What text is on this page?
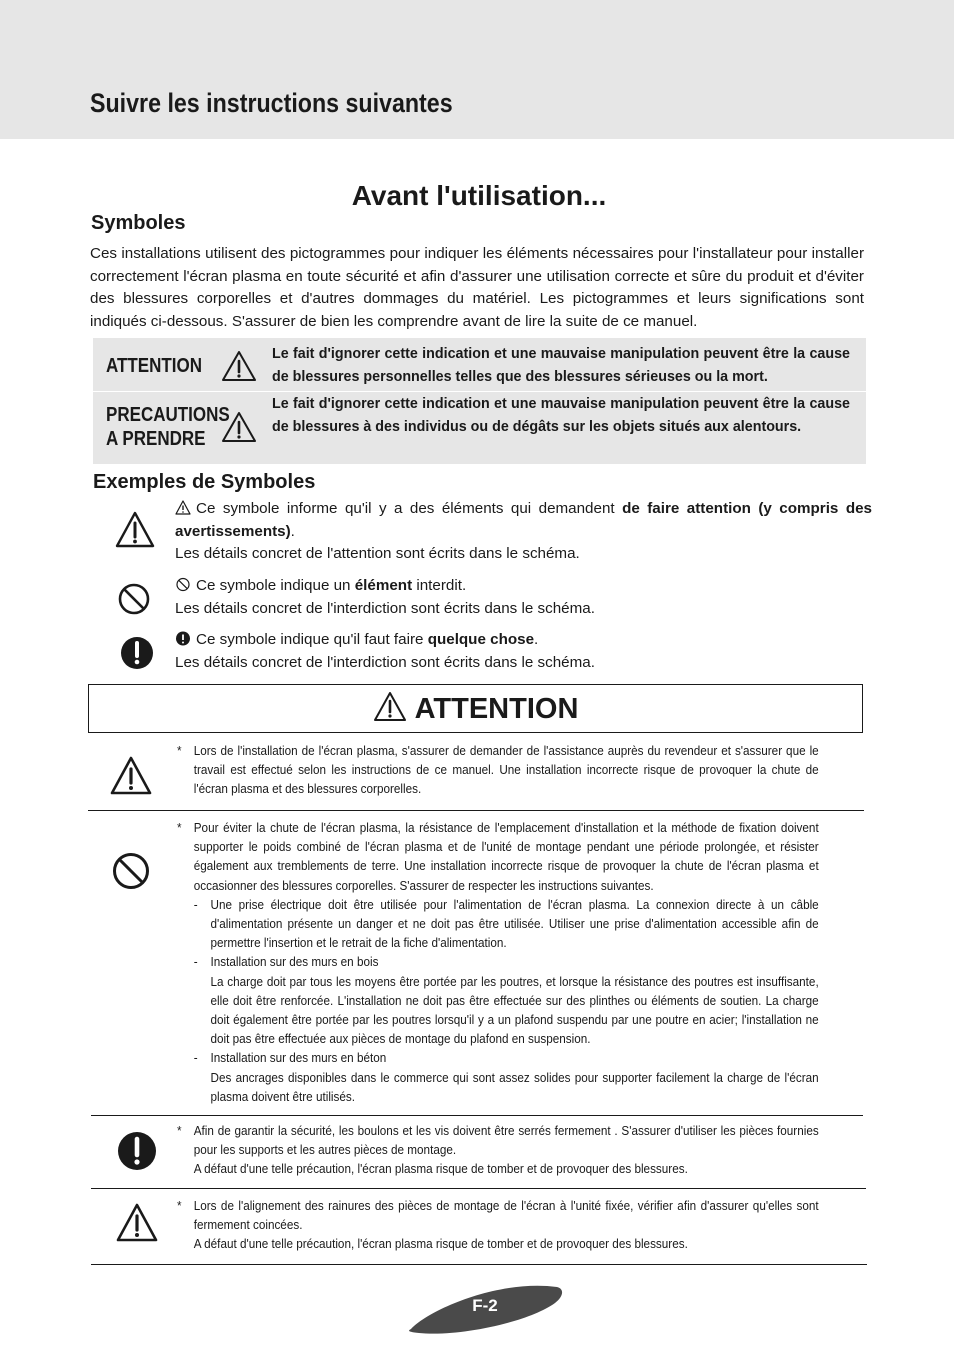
Suivre les instructions suivantes
Avant l'utilisation...
Symboles
Ces installations utilisent des pictogrammes pour indiquer les éléments nécessaires pour l'installateur pour installer correctement l'écran plasma en toute sécurité et afin d'assurer une utilisation correcte et sûre du produit et d'éviter des blessures corporelles et d'autres dommages du matériel. Les pictogrammes et leurs significations sont indiqués ci-dessous. S'assurer de bien les comprendre avant de lire la suite de ce manuel.
ATTENTION
Le fait d'ignorer cette indication et une mauvaise manipulation peuvent être la cause de blessures personnelles telles que des blessures sérieuses ou la mort.
PRECAUTIONS
A PRENDRE
Le fait d'ignorer cette indication et une mauvaise manipulation peuvent être la cause de blessures à des individus ou de dégâts sur les objets situés aux alentours.
Exemples de Symboles
Ce symbole informe qu'il y a des éléments qui demandent de faire attention (y compris des avertissements).
Les détails concret de l'attention sont écrits dans le schéma.
Ce symbole indique un élément interdit.
Les détails concret de l'interdiction sont écrits dans le schéma.
Ce symbole indique qu'il faut faire quelque chose.
Les détails concret de l'interdiction sont écrits dans le schéma.
ATTENTION
* Lors de l'installation de l'écran plasma, s'assurer de demander de l'assistance auprès du revendeur et s'assurer que le travail est effectué selon les instructions de ce manuel. Une installation incorrecte risque de provoquer la chute de l'écran plasma et des blessures corporelles.
* Pour éviter la chute de l'écran plasma, la résistance de l'emplacement d'installation et la méthode de fixation doivent supporter le poids combiné de l'écran plasma et de l'unité de montage pendant une période prolongée, et résister également aux tremblements de terre. Une installation incorrecte risque de provoquer la chute de l'écran plasma et occasionner des blessures corporelles. S'assurer de respecter les instructions suivantes.
-	Une prise électrique doit être utilisée pour l'alimentation de l'écran plasma. La connexion directe à un câble d'alimentation présente un danger et ne doit pas être utilisée. Utiliser une prise d'alimentation accessible afin de permettre l'insertion et le retrait de la fiche d'alimentation.
-	Installation sur des murs en bois
La charge doit par tous les moyens être portée par les poutres, et lorsque la résistance des poutres est insuffisante, elle doit être renforcée. L'installation ne doit pas être effectuée sur des plinthes ou éléments de soutien. La charge doit également être portée par les poutres lorsqu'il y a un plafond suspendu par une poutre en acier; l'installation ne doit pas être effectuée aux pièces de montage du plafond en suspension.
-	Installation sur des murs en béton
Des ancrages disponibles dans le commerce qui sont assez solides pour supporter facilement la charge de l'écran plasma doivent être utilisés.
* Afin de garantir la sécurité, les boulons et les vis doivent être serrés fermement . S'assurer d'utiliser les pièces fournies pour les supports et les autres pièces de montage.
A défaut d'une telle précaution, l'écran plasma risque de tomber et de provoquer des blessures.
* Lors de l'alignement des rainures des pièces de montage de l'écran à l'unité fixée, vérifier afin d'assurer qu'elles sont fermement coincées.
A défaut d'une telle précaution, l'écran plasma risque de tomber et de provoquer des blessures.
F-2
